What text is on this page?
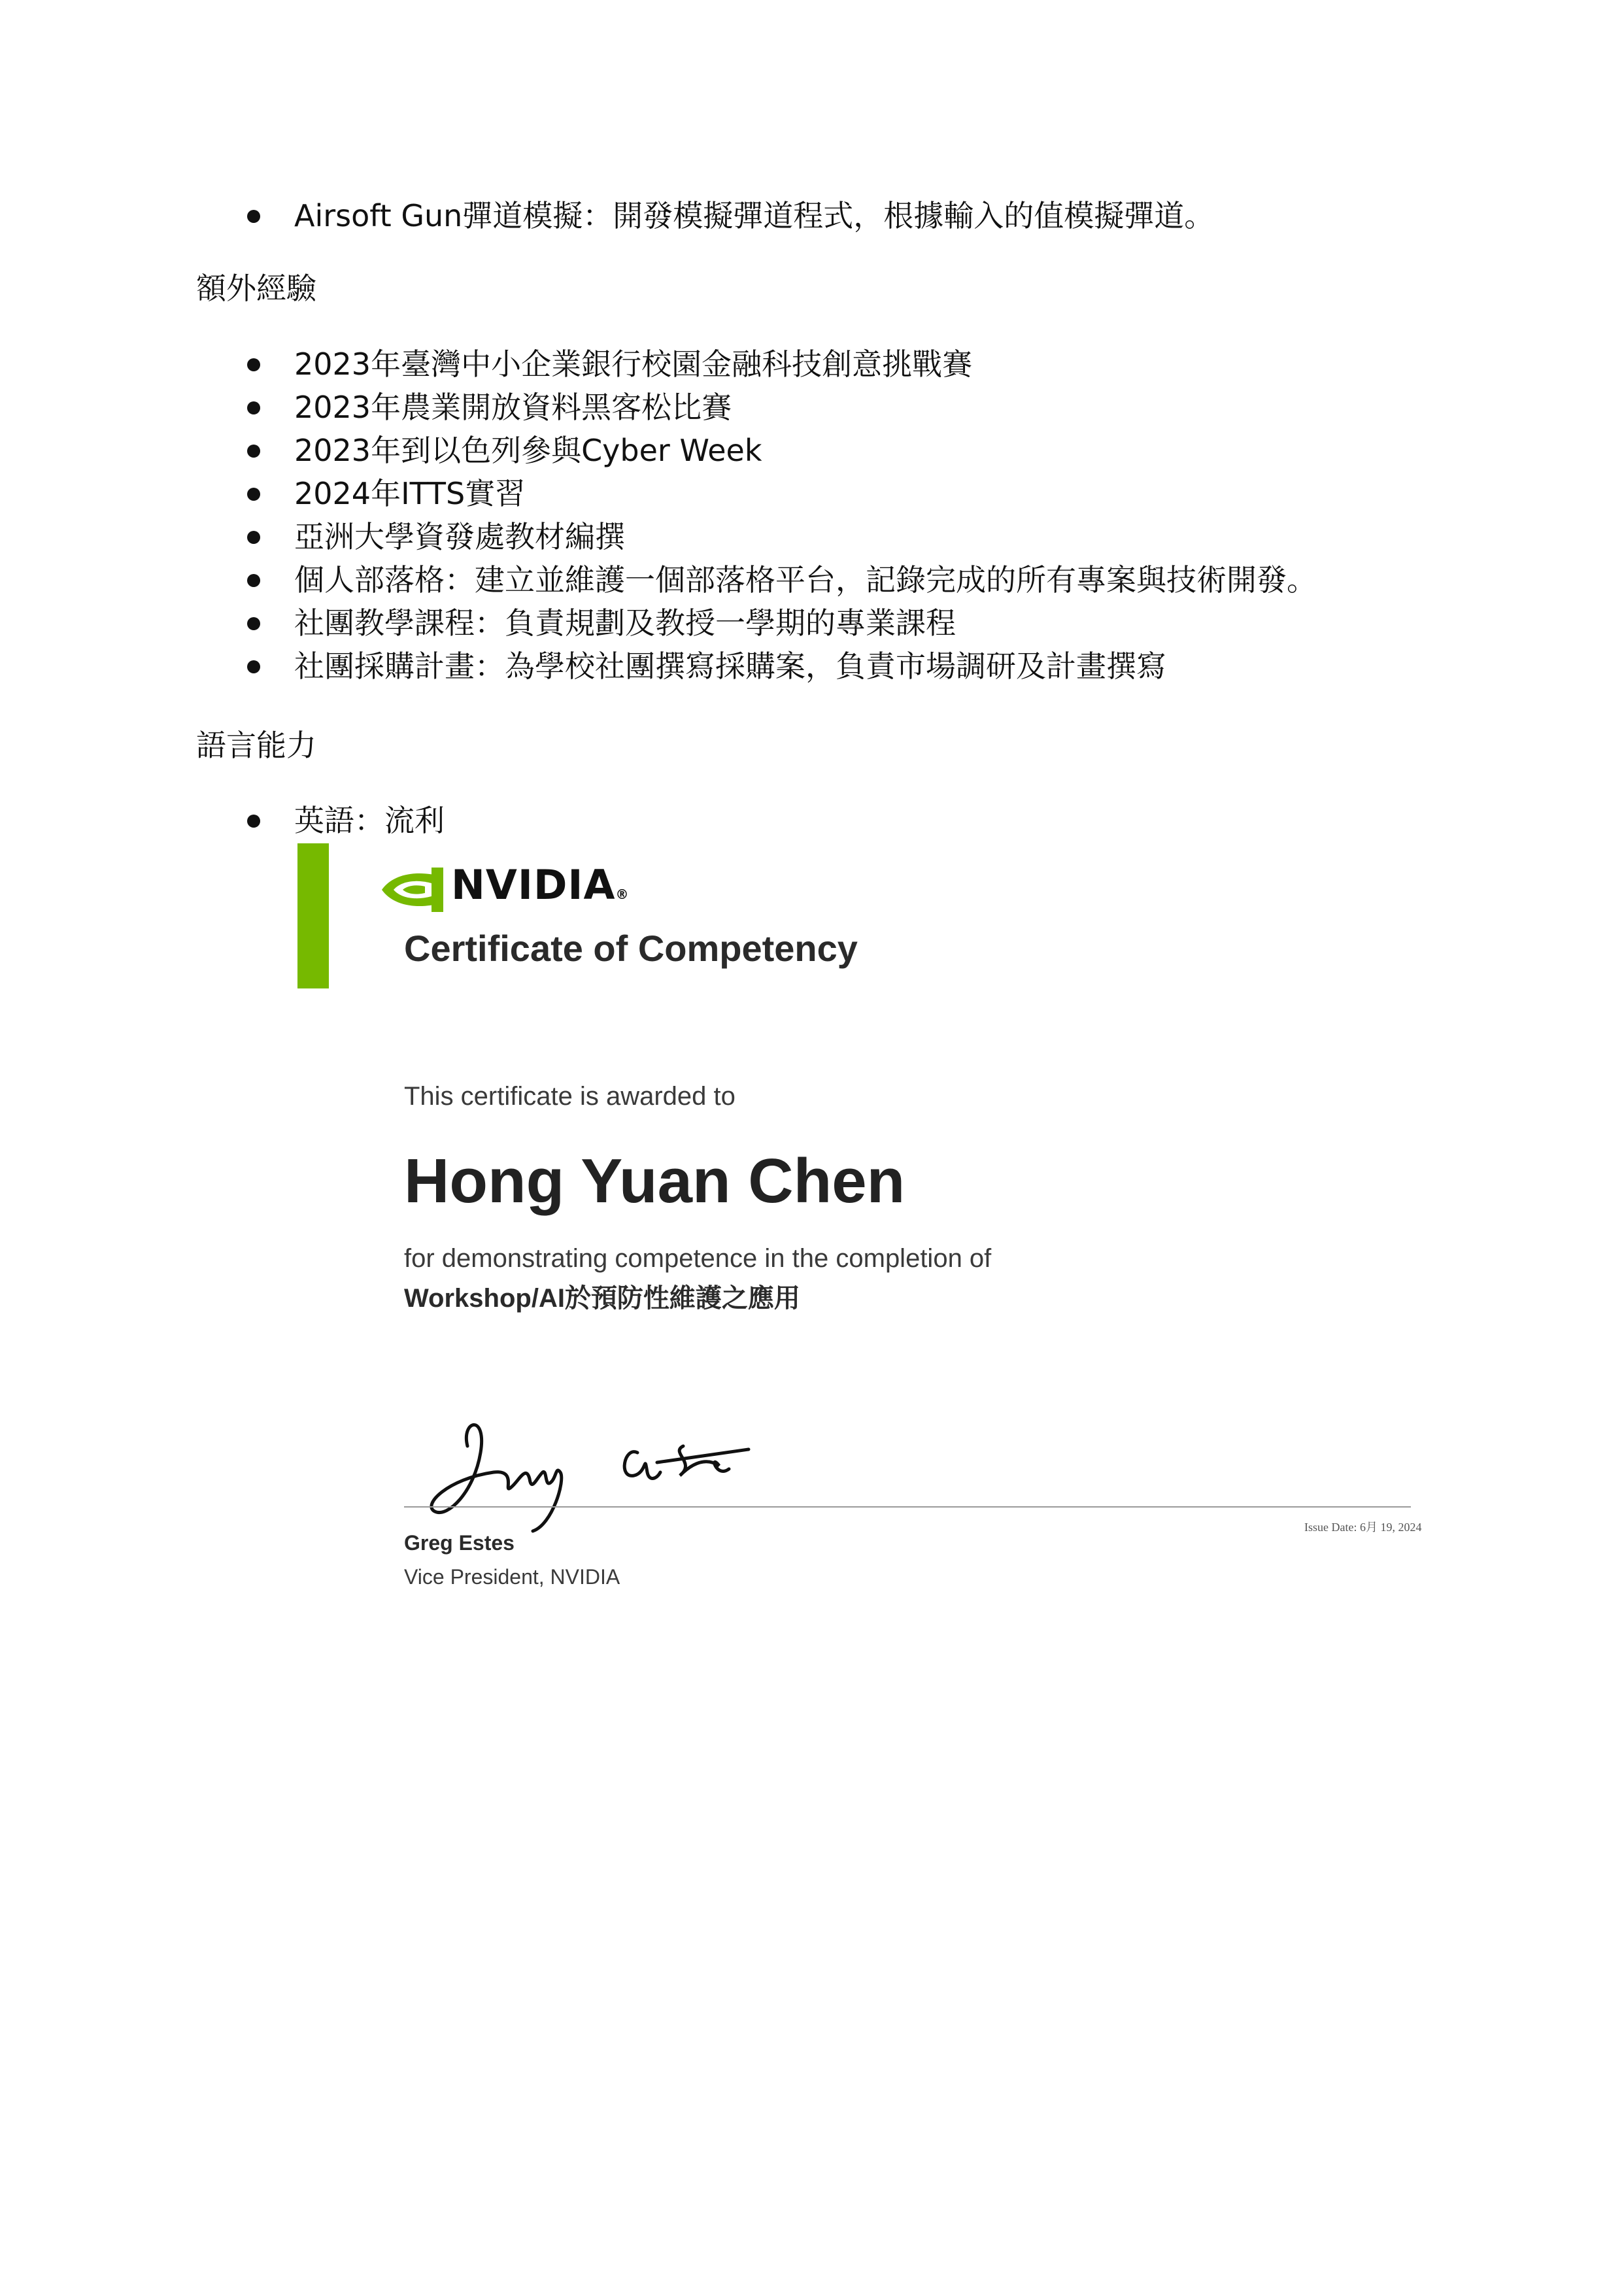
Airsoft Gun彈道模擬：開發模擬彈道程式，根據輸入的值模擬彈道。
額外經驗
2023年臺灣中小企業銀行校園金融科技創意挑戰賽
2023年農業開放資料黑客松比賽
2023年到以色列參與Cyber Week
2024年ITTS實習
亞洲大學資發處教材編撰
個人部落格：建立並維護一個部落格平台，記錄完成的所有專案與技術開發。
社團教學課程：負責規劃及教授一學期的專業課程
社團採購計畫：為學校社團撰寫採購案，負責市場調研及計畫撰寫
語言能力
英語：流利
NVIDIA®
Certificate of Competency
This certificate is awarded to
Hong Yuan Chen
for demonstrating competence in the completion of
Workshop/AI於預防性維護之應用
Issue Date: 6月 19, 2024
Greg Estes
Vice President, NVIDIA
